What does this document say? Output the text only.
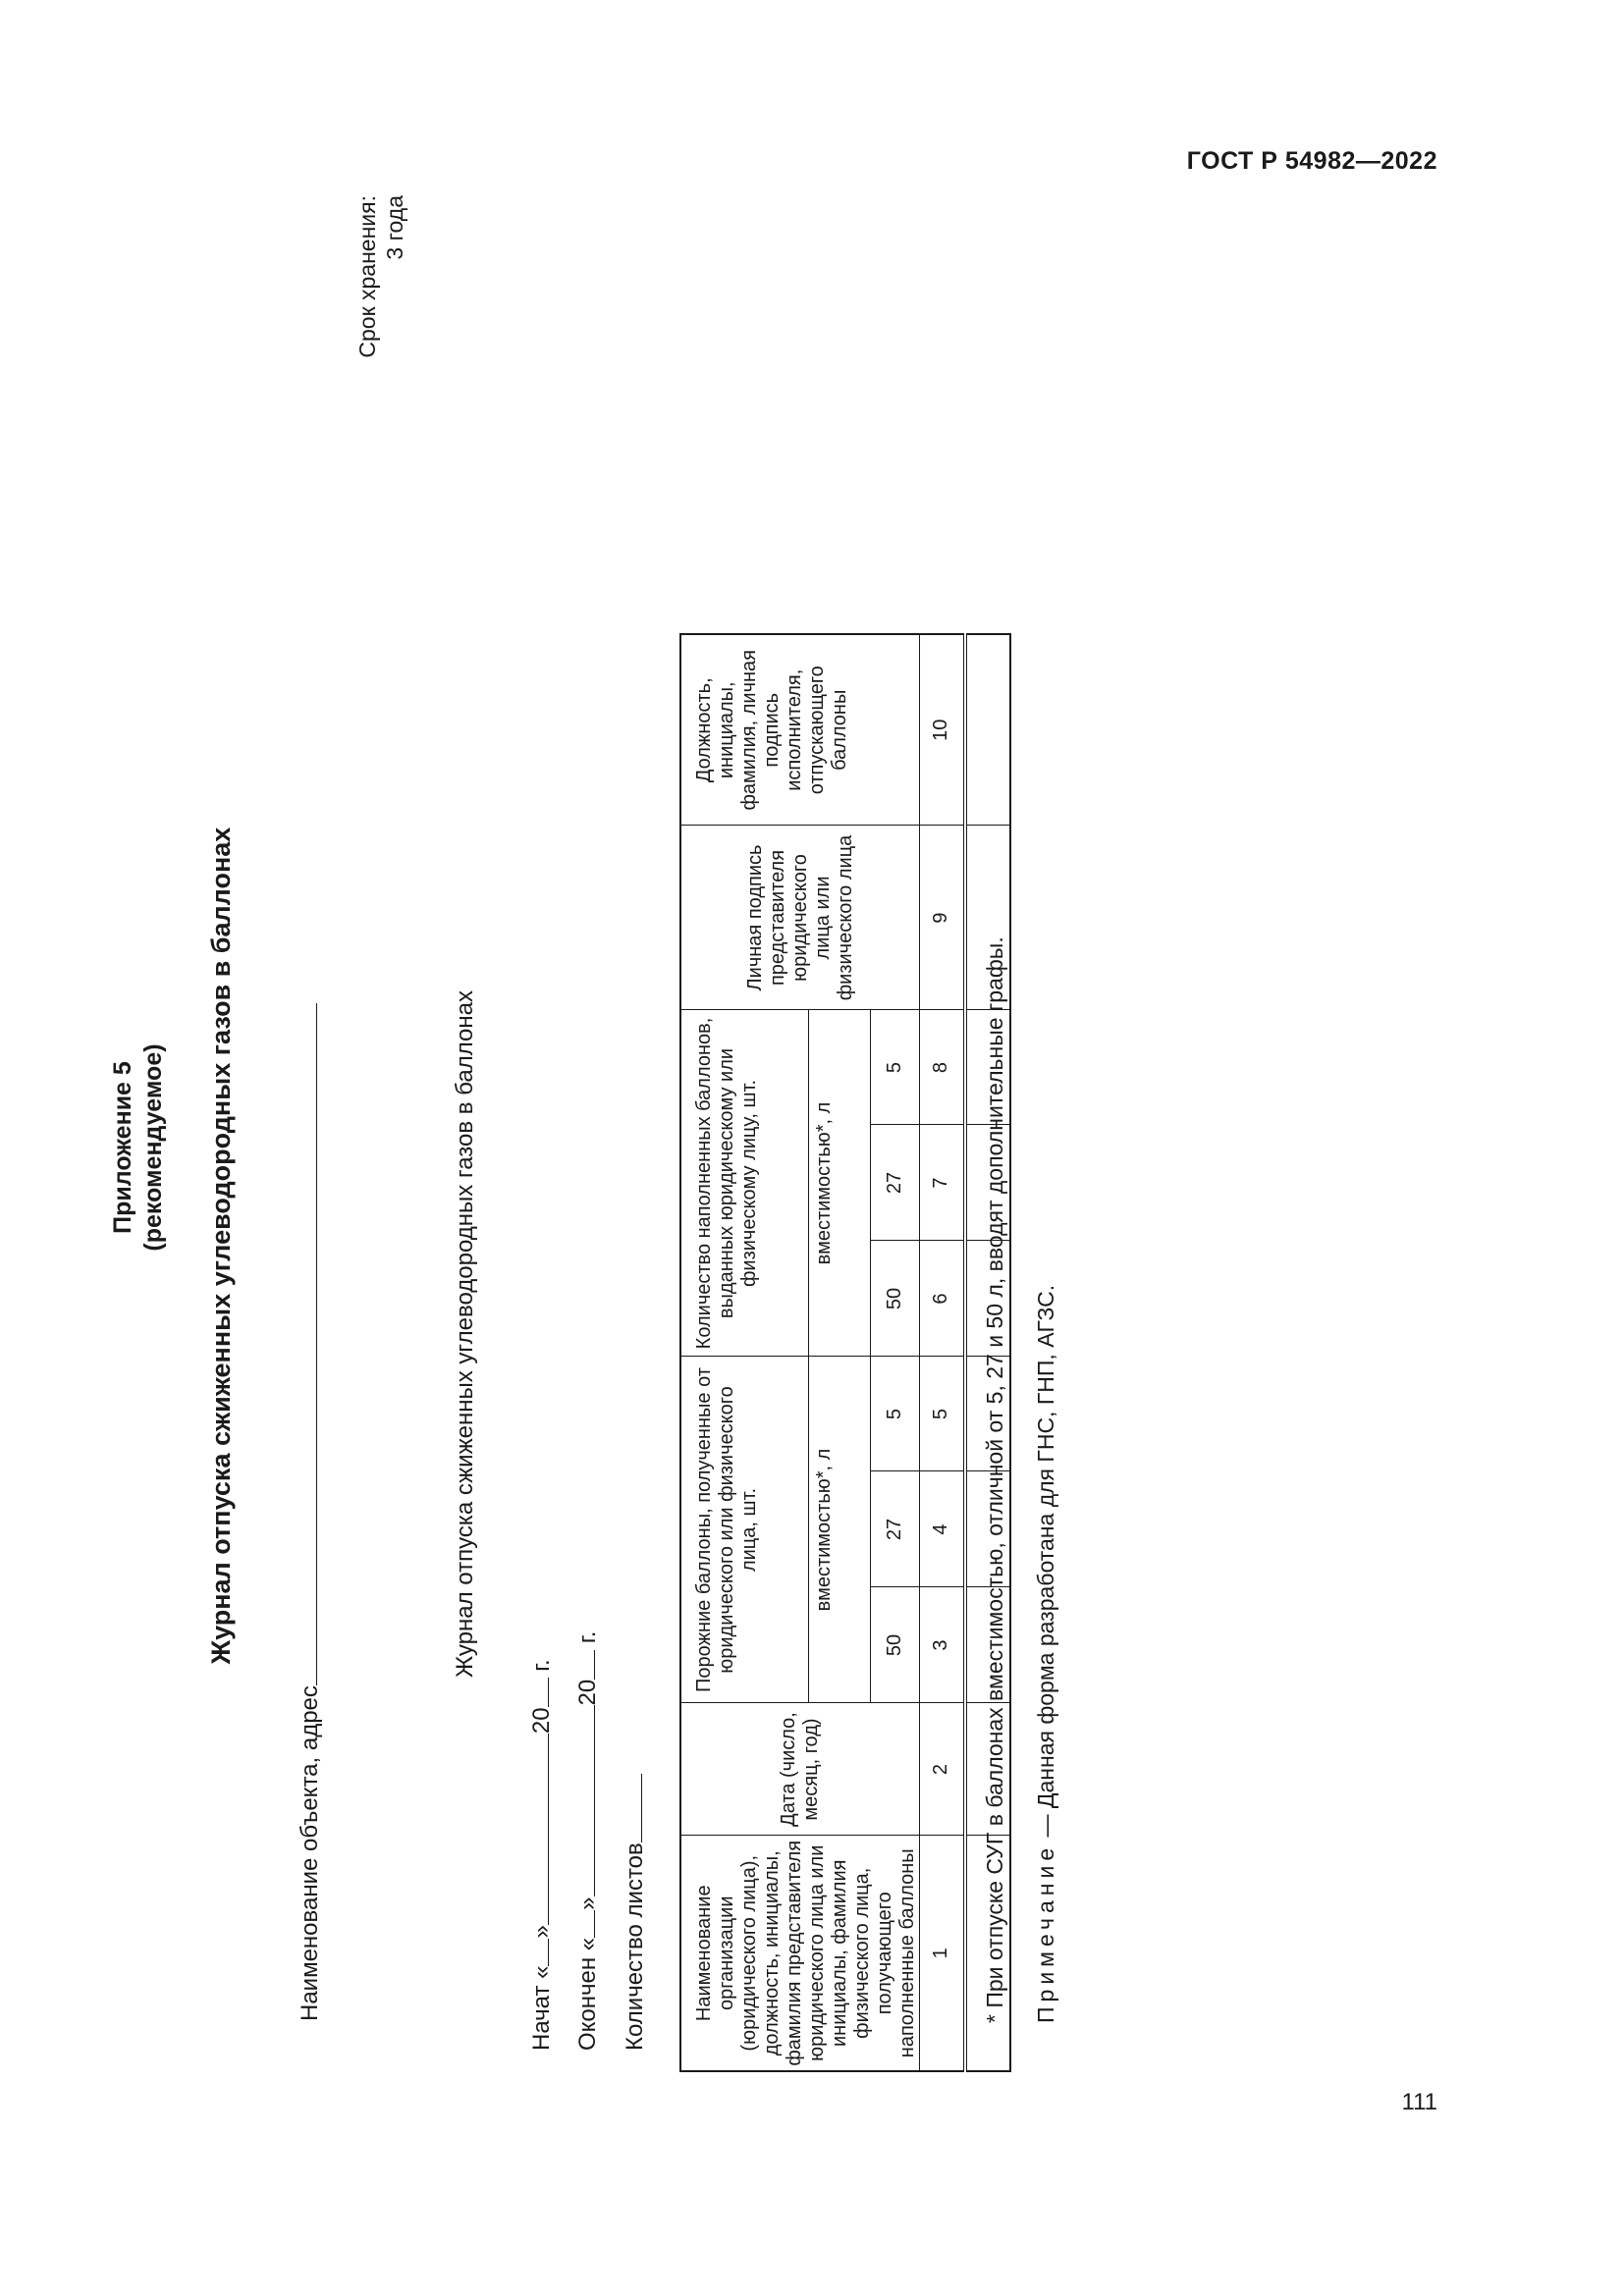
ГОСТ Р 54982—2022
111
Приложение 5 (рекомендуемое) Журнал отпуска сжиженных углеводородных газов в баллонах
Срок хранения: 3 года
Наименование объекта, адрес
Журнал отпуска сжиженных углеводородных газов в баллонах
Начат «»20 г.
Окончен «»20 г.
Количество листов Наименование организации (юридического лица), должность, инициалы, фамилия представителя юридического лица или инициалы, фамилия физического лица, получающего наполненные баллоны	Дата (число, месяц, год)	Порожние баллоны, полученные от юридического или физического лица, шт.			Количество наполненных баллонов, выданных юридическому или физическому лицу, шт.			Личная подпись представителя юридического лица или физического лица	Должность, инициалы, фамилия, личная подпись исполнителя, отпускающего баллоны
		вместимостью*, л			вместимостью*, л				
		50	27	5	50	27	5		
1	2	3	4	5	6	7	8	9	10

* При отпуске СУГ в баллонах вместимостью, отличной от 5, 27 и 50 л, вводят дополнительные графы. Примечание — Данная форма разработана для ГНС, ГНП, АГЗС.
